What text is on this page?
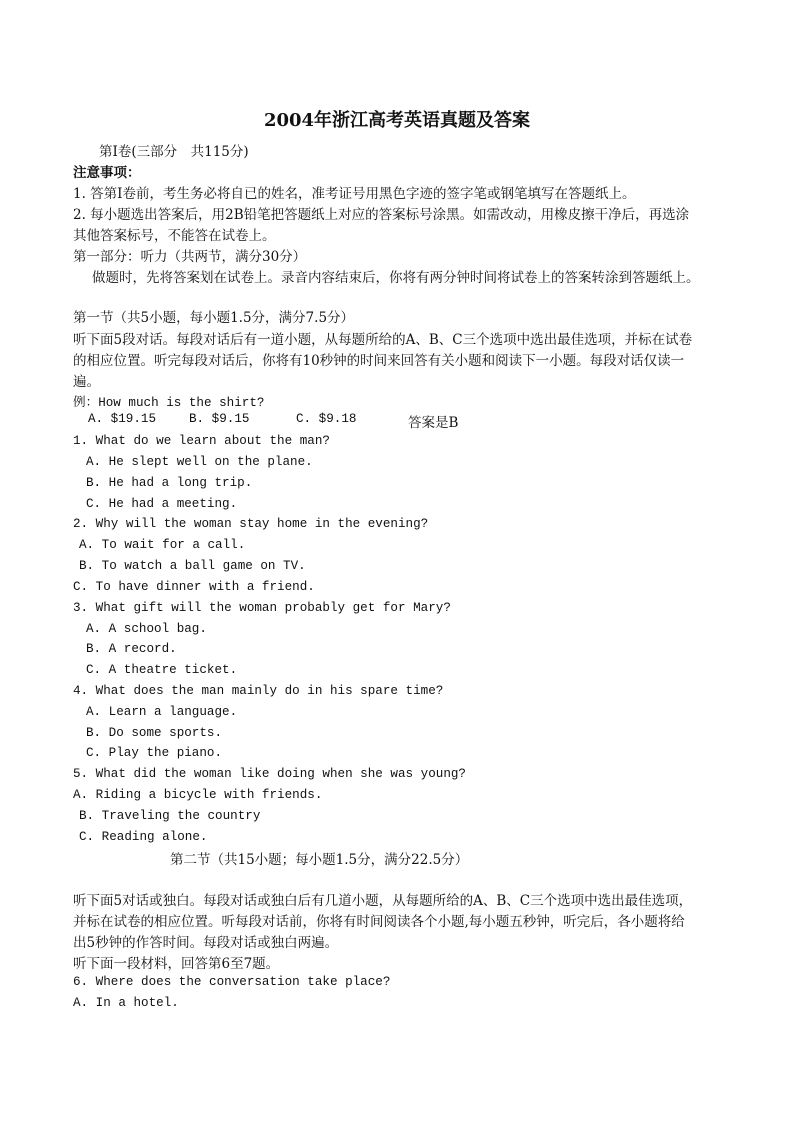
2004年浙江高考英语真题及答案

第I卷(三部分　共115分)

注意事项：

1. 答第I卷前，考生务必将自已的姓名，准考证号用黑色字迹的签字笔或钢笔填写在答题纸上。

2. 每小题选出答案后，用2B铅笔把答题纸上对应的答案标号涂黑。如需改动，用橡皮擦干净后，再选涂

其他答案标号，不能答在试卷上。

第一部分：听力（共两节，满分30分）

做题时，先将答案划在试卷上。录音内容结束后，你将有两分钟时间将试卷上的答案转涂到答题纸上。

第一节（共5小题，每小题1.5分，满分7.5分）

听下面5段对话。每段对话后有一道小题，从每题所给的A、B、C三个选项中选出最佳选项，并标在试卷

的相应位置。听完每段对话后，你将有10秒钟的时间来回答有关小题和阅读下一小题。每段对话仅读一

遍。

例：How much is the shirt?

A. $19.15	B. $9.15	C. $9.18	答案是B

1. What do we learn about the man?

A. He slept well on the plane.

B. He had a long trip.

C. He had a meeting.

2. Why will the woman stay home in the evening?

A. To wait for a call.

B. To watch a ball game on TV.

C. To have dinner with a friend.

3. What gift will the woman probably get for Mary?

A. A school bag.

B. A record.

C. A theatre ticket.

4. What does the man mainly do in his spare time?

A. Learn a language.

B. Do some sports.

C. Play the piano.

5. What did the woman like doing when she was young?

A. Riding a bicycle with friends.

B. Traveling the country

C. Reading alone.

第二节（共15小题；每小题1.5分，满分22.5分）

听下面5对话或独白。每段对话或独白后有几道小题，从每题所给的A、B、C三个选项中选出最佳选项，

并标在试卷的相应位置。听每段对话前，你将有时间阅读各个小题,每小题五秒钟，听完后，各小题将给

出5秒钟的作答时间。每段对话或独白两遍。

听下面一段材料，回答第6至7题。

6. Where does the conversation take place?

A. In a hotel.
